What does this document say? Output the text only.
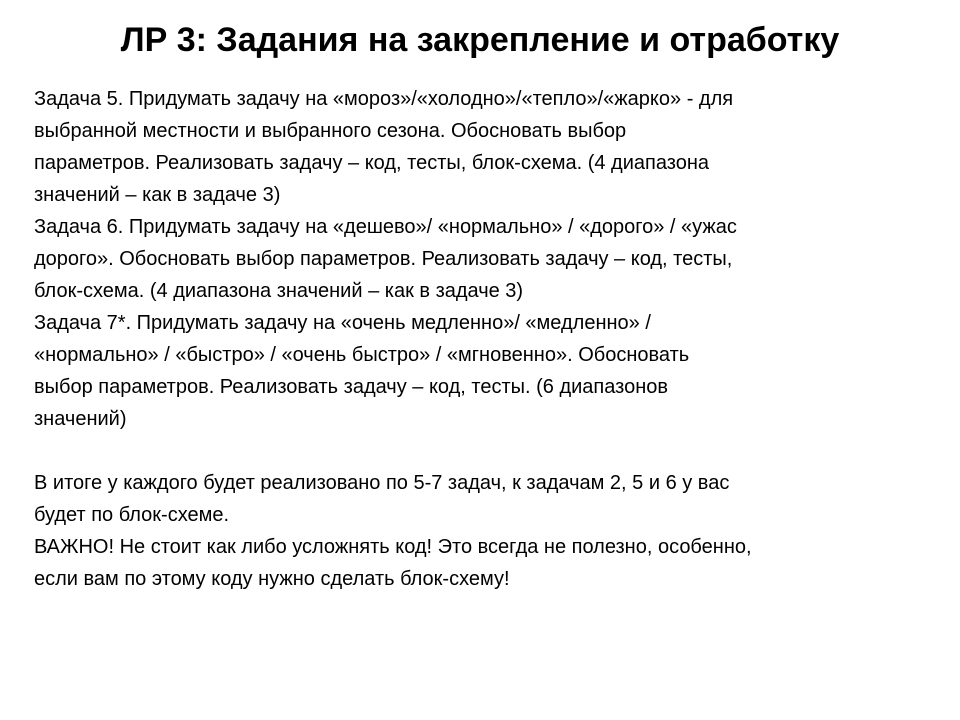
ЛР 3: Задания на закрепление и отработку

Задача 5. Придумать задачу на «мороз»/«холодно»/«тепло»/«жарко» - для

выбранной местности и выбранного сезона. Обосновать выбор

параметров. Реализовать задачу – код, тесты, блок-схема. (4 диапазона

значений – как в задаче 3)

Задача 6. Придумать задачу на «дешево»/ «нормально» / «дорого» / «ужас

дорого». Обосновать выбор параметров. Реализовать задачу – код, тесты,

блок-схема. (4 диапазона значений – как в задаче 3)

Задача 7*. Придумать задачу на «очень медленно»/ «медленно» /

«нормально» / «быстро» / «очень быстро» / «мгновенно». Обосновать

выбор параметров. Реализовать задачу – код, тесты. (6 диапазонов

значений)

В итоге у каждого будет реализовано по 5-7 задач, к задачам 2, 5 и 6 у вас

будет по блок-схеме.

ВАЖНО! Не стоит как либо усложнять код! Это всегда не полезно, особенно,

если вам по этому коду нужно сделать блок-схему!
